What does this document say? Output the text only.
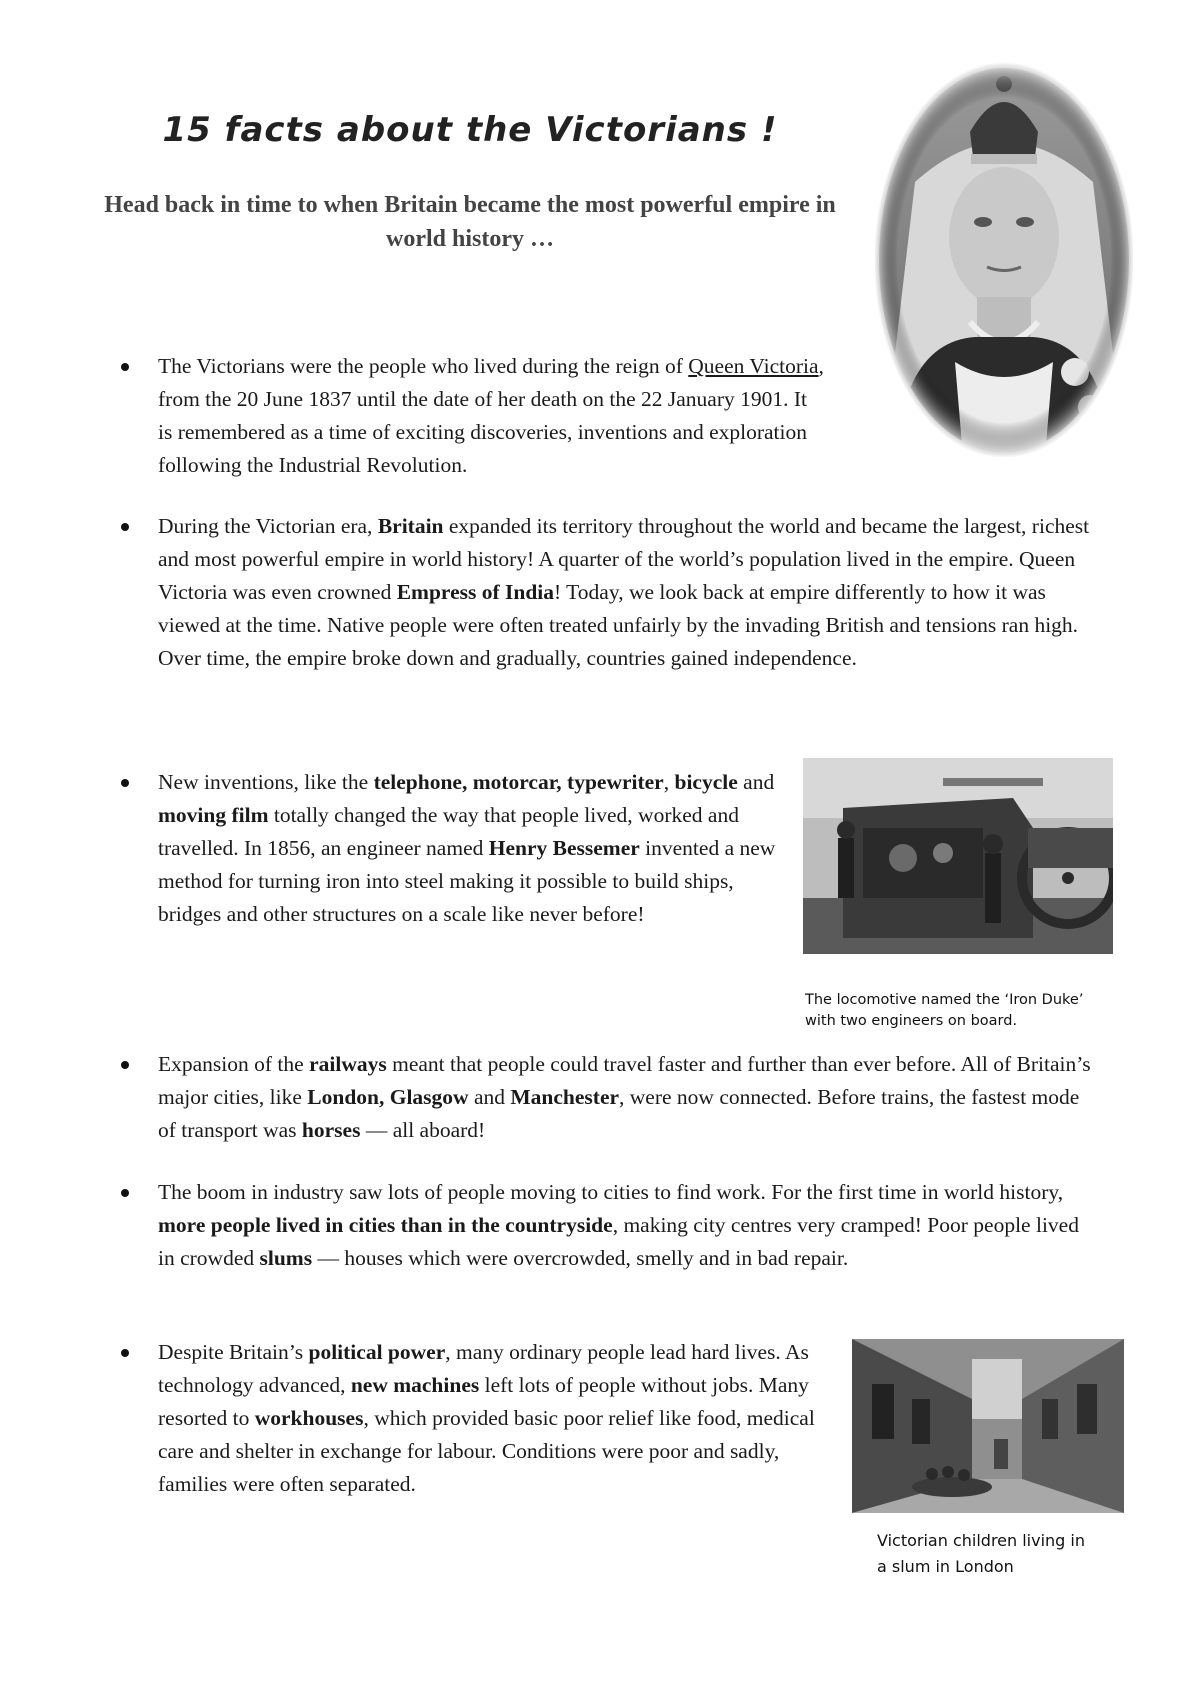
15 facts about the Victorians !
Head back in time to when Britain became the most powerful empire in world history …

The Victorians were the people who lived during the reign of Queen Victoria, from the 20 June 1837 until the date of her death on the 22 January 1901. It is remembered as a time of exciting discoveries, inventions and exploration following the Industrial Revolution.

During the Victorian era, Britain expanded its territory throughout the world and became the largest, richest and most powerful empire in world history! A quarter of the world’s population lived in the empire. Queen Victoria was even crowned Empress of India! Today, we look back at empire differently to how it was viewed at the time. Native people were often treated unfairly by the invading British and tensions ran high. Over time, the empire broke down and gradually, countries gained independence.

New inventions, like the telephone, motorcar, typewriter, bicycle and moving film totally changed the way that people lived, worked and travelled. In 1856, an engineer named Henry Bessemer invented a new method for turning iron into steel making it possible to build ships, bridges and other structures on a scale like never before!

The locomotive named the ‘Iron Duke’ with two engineers on board.

Expansion of the railways meant that people could travel faster and further than ever before. All of Britain’s major cities, like London, Glasgow and Manchester, were now connected. Before trains, the fastest mode of transport was horses — all aboard!

The boom in industry saw lots of people moving to cities to find work. For the first time in world history, more people lived in cities than in the countryside, making city centres very cramped! Poor people lived in crowded slums — houses which were overcrowded, smelly and in bad repair.

Despite Britain’s political power, many ordinary people lead hard lives. As technology advanced, new machines left lots of people without jobs. Many resorted to workhouses, which provided basic poor relief like food, medical care and shelter in exchange for labour. Conditions were poor and sadly, families were often separated.

Victorian children living in a slum in London
